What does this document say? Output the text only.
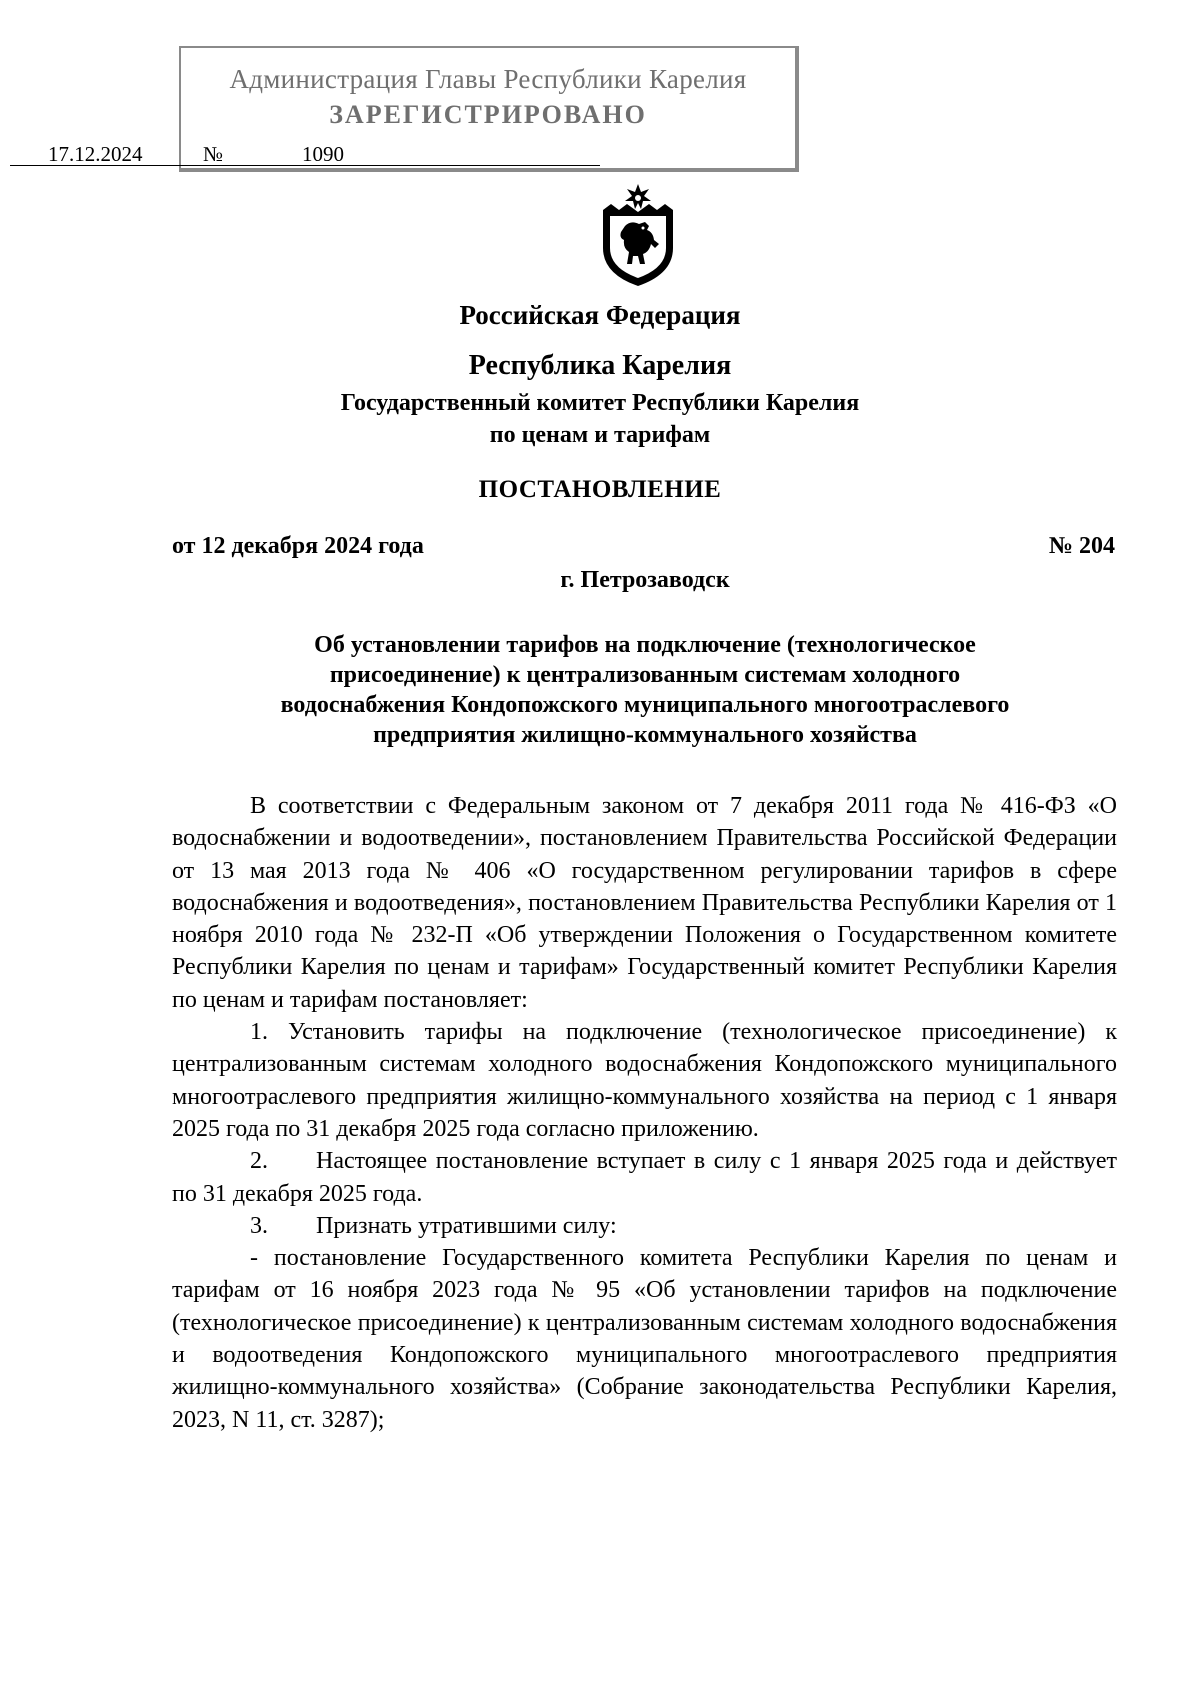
Администрация Главы Республики Карелия
ЗАРЕГИСТРИРОВАНО
17.12.2024	№	1090
Российская Федерация
Республика Карелия
Государственный комитет Республики Карелия
по ценам и тарифам
ПОСТАНОВЛЕНИЕ
от 12 декабря 2024 года	№ 204
г. Петрозаводск
Об установлении тарифов на подключение (технологическое
присоединение) к централизованным системам холодного
водоснабжения Кондопожского муниципального многоотраслевого
предприятия жилищно-коммунального хозяйства

В соответствии с Федеральным законом от 7 декабря 2011 года № 416-ФЗ «О водоснабжении и водоотведении», постановлением Правительства Российской Федерации от 13 мая 2013 года № 406 «О государственном регулировании тарифов в сфере водоснабжения и водоотведения», постановлением Правительства Республики Карелия от 1 ноября 2010 года № 232-П «Об утверждении Положения о Государственном комитете Республики Карелия по ценам и тарифам» Государственный комитет Республики Карелия по ценам и тарифам постановляет:

1. Установить тарифы на подключение (технологическое присоединение) к централизованным системам холодного водоснабжения Кондопожского муниципального многоотраслевого предприятия жилищно-коммунального хозяйства на период с 1 января 2025 года по 31 декабря 2025 года согласно приложению.

2.  Настоящее постановление вступает в силу с 1 января 2025 года и действует по 31 декабря 2025 года.

3.  Признать утратившими силу:

- постановление Государственного комитета Республики Карелия по ценам и тарифам от 16 ноября 2023 года № 95 «Об установлении тарифов на подключение (технологическое присоединение) к централизованным системам холодного водоснабжения и водоотведения Кондопожского муниципального многоотраслевого предприятия жилищно-коммунального хозяйства» (Собрание законодательства Республики Карелия, 2023, N 11, ст. 3287);
